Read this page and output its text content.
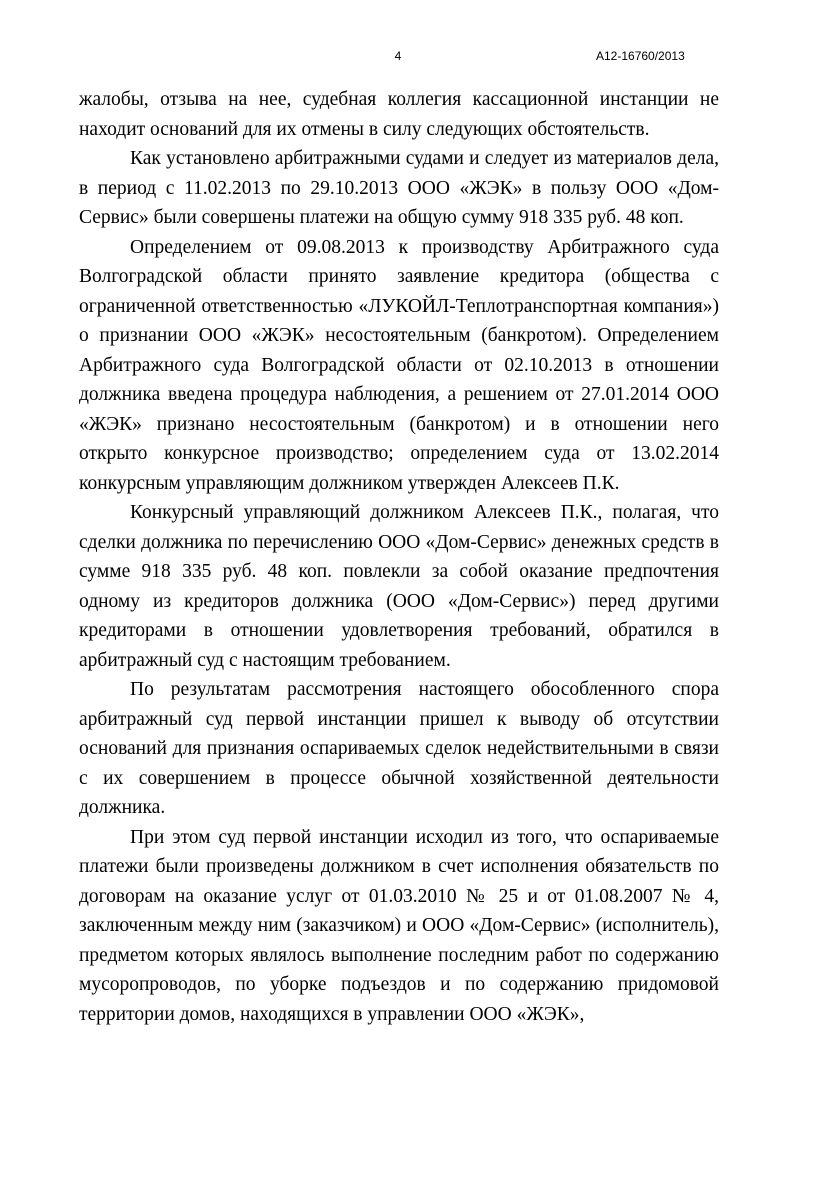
4	А12-16760/2013

жалобы, отзыва на нее, судебная коллегия кассационной инстанции не находит оснований для их отмены в силу следующих обстоятельств.

Как установлено арбитражными судами и следует из материалов дела, в период с 11.02.2013 по 29.10.2013 ООО «ЖЭК» в пользу ООО «Дом-Сервис» были совершены платежи на общую сумму 918 335 руб. 48 коп.

Определением от 09.08.2013 к производству Арбитражного суда Волгоградской области принято заявление кредитора (общества с ограниченной ответственностью «ЛУКОЙЛ-Теплотранспортная компания») о признании ООО «ЖЭК» несостоятельным (банкротом). Определением Арбитражного суда Волгоградской области от 02.10.2013 в отношении должника введена процедура наблюдения, а решением от 27.01.2014 ООО «ЖЭК» признано несостоятельным (банкротом) и в отношении него открыто конкурсное производство; определением суда от 13.02.2014 конкурсным управляющим должником утвержден Алексеев П.К.

Конкурсный управляющий должником Алексеев П.К., полагая, что сделки должника по перечислению ООО «Дом-Сервис» денежных средств в сумме 918 335 руб. 48 коп. повлекли за собой оказание предпочтения одному из кредиторов должника (ООО «Дом-Сервис») перед другими кредиторами в отношении удовлетворения требований, обратился в арбитражный суд с настоящим требованием.

По результатам рассмотрения настоящего обособленного спора арбитражный суд первой инстанции пришел к выводу об отсутствии оснований для признания оспариваемых сделок недействительными в связи с их совершением в процессе обычной хозяйственной деятельности должника.

При этом суд первой инстанции исходил из того, что оспариваемые платежи были произведены должником в счет исполнения обязательств по договорам на оказание услуг от 01.03.2010 № 25 и от 01.08.2007 № 4, заключенным между ним (заказчиком) и ООО «Дом-Сервис» (исполнитель), предметом которых являлось выполнение последним работ по содержанию мусоропроводов, по уборке подъездов и по содержанию придомовой территории домов, находящихся в управлении ООО «ЖЭК»,
